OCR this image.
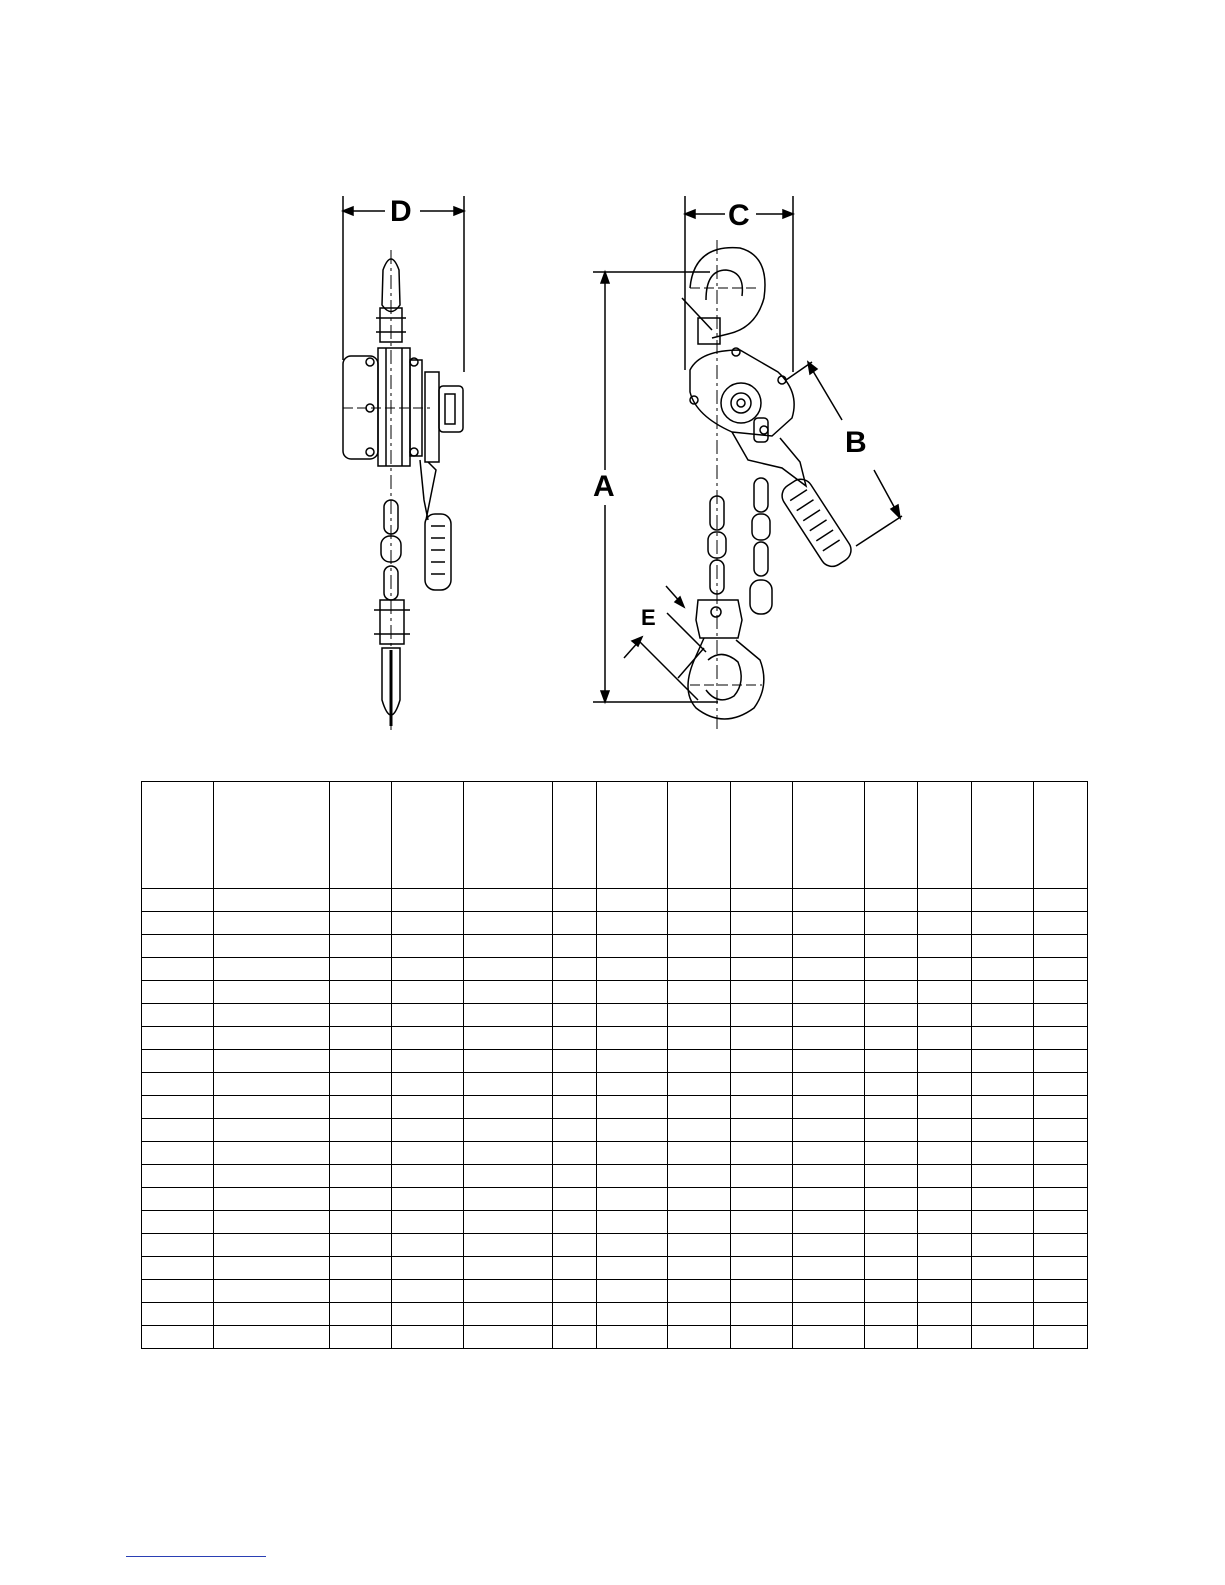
D	C
B
A
E
